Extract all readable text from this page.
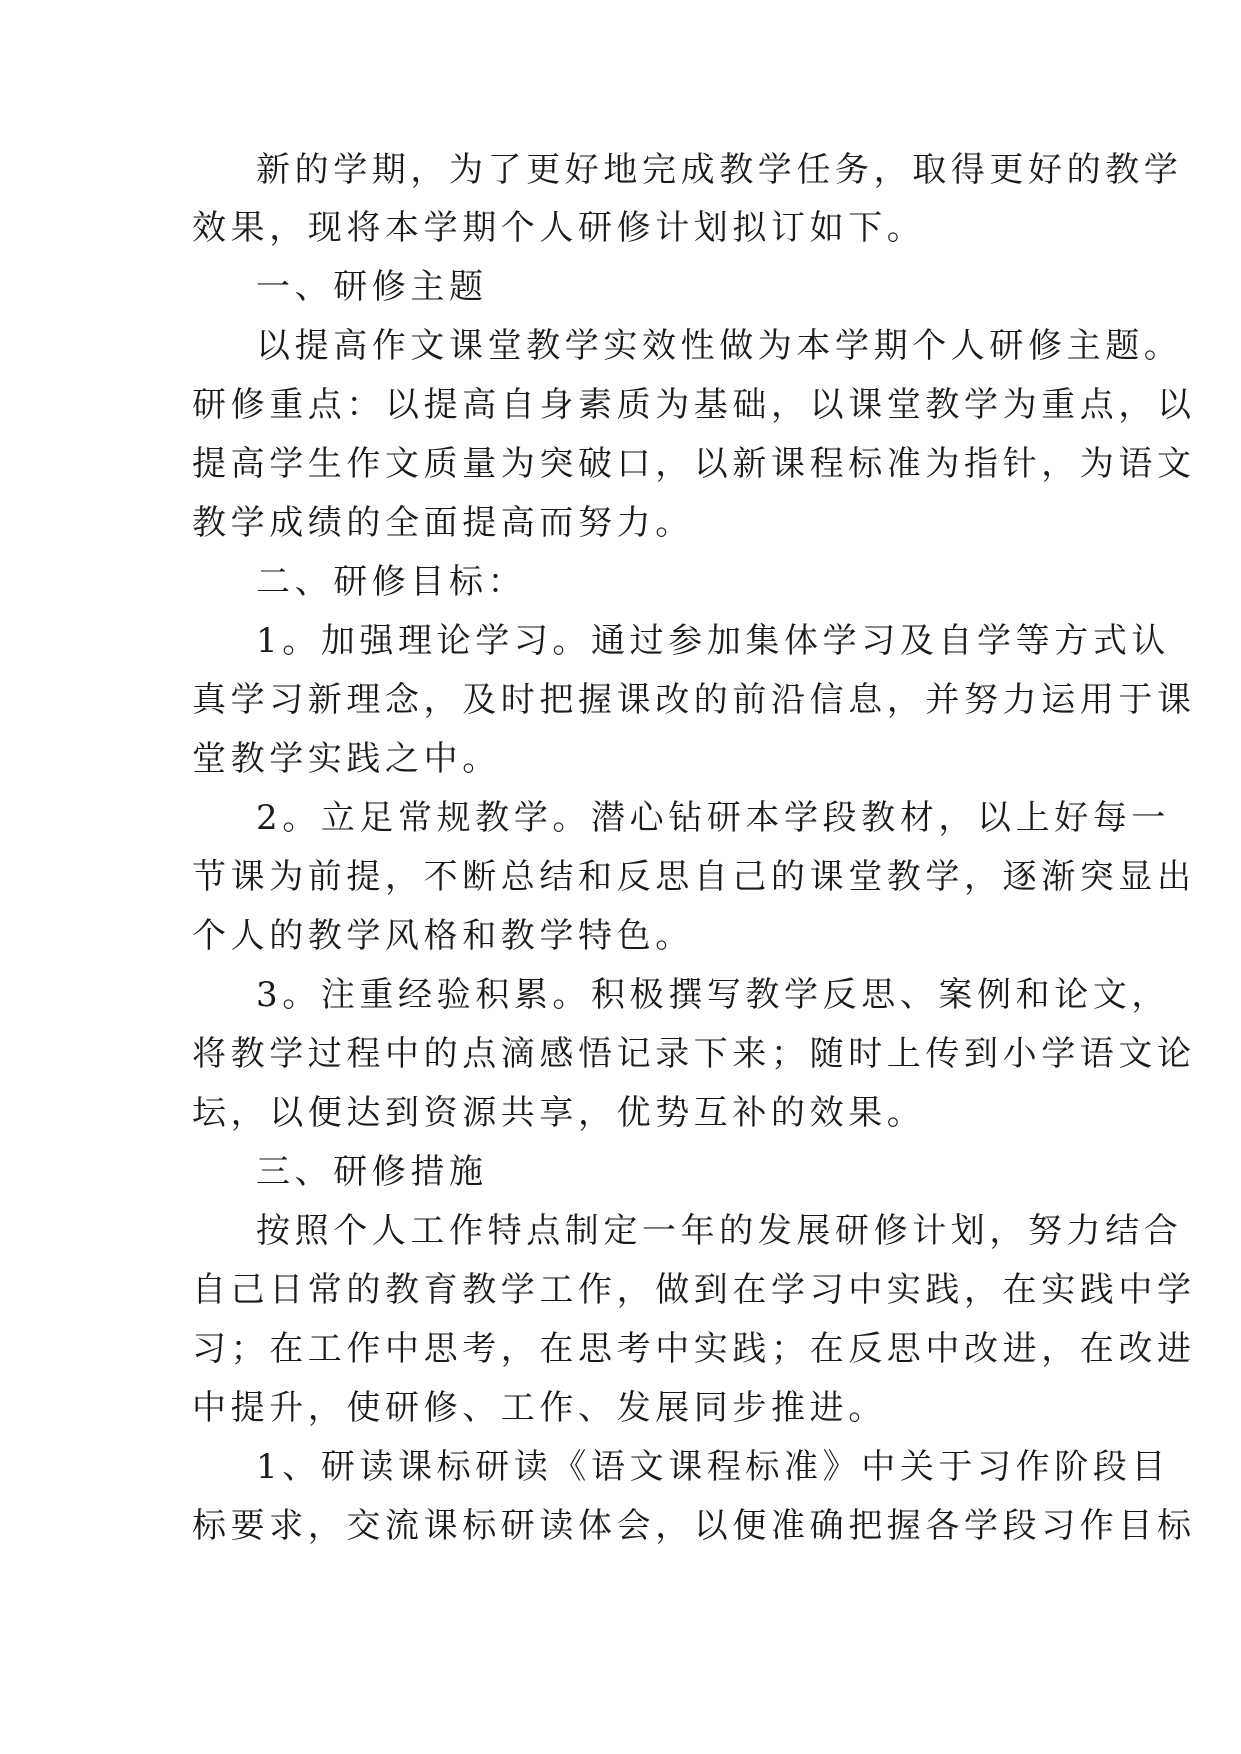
新的学期，为了更好地完成教学任务，取得更好的教学
效果，现将本学期个人研修计划拟订如下。
一、研修主题
以提高作文课堂教学实效性做为本学期个人研修主题。
研修重点：以提高自身素质为基础，以课堂教学为重点，以
提高学生作文质量为突破口，以新课程标准为指针，为语文
教学成绩的全面提高而努力。
二、研修目标：
1。加强理论学习。通过参加集体学习及自学等方式认
真学习新理念，及时把握课改的前沿信息，并努力运用于课
堂教学实践之中。
2。立足常规教学。潜心钻研本学段教材，以上好每一
节课为前提，不断总结和反思自己的课堂教学，逐渐突显出
个人的教学风格和教学特色。
3。注重经验积累。积极撰写教学反思、案例和论文，
将教学过程中的点滴感悟记录下来；随时上传到小学语文论
坛，以便达到资源共享，优势互补的效果。
三、研修措施
按照个人工作特点制定一年的发展研修计划，努力结合
自己日常的教育教学工作，做到在学习中实践，在实践中学
习；在工作中思考，在思考中实践；在反思中改进，在改进
中提升，使研修、工作、发展同步推进。
1、研读课标研读《语文课程标准》中关于习作阶段目
标要求，交流课标研读体会，以便准确把握各学段习作目标
